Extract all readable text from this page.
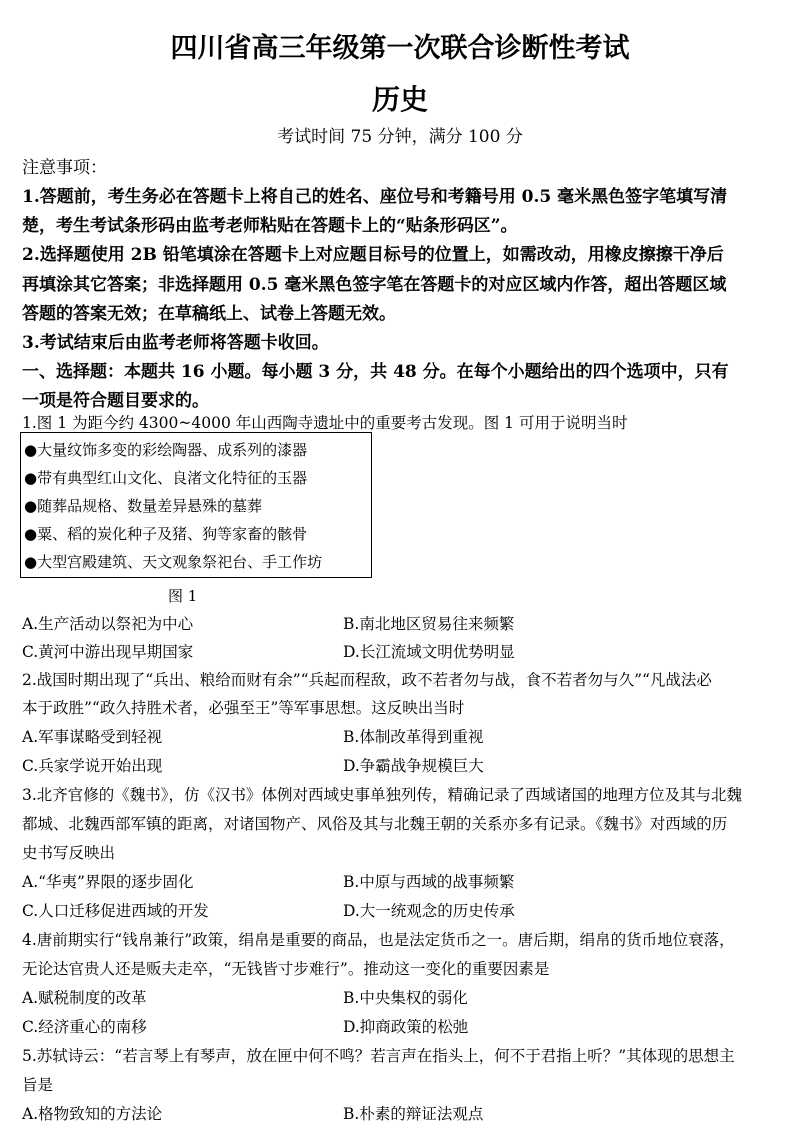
四川省高三年级第一次联合诊断性考试
历史
考试时间 75 分钟，满分 100 分
注意事项：
1.答题前，考生务必在答题卡上将自己的姓名、座位号和考籍号用 0.5 毫米黑色签字笔填写清
楚，考生考试条形码由监考老师粘贴在答题卡上的“贴条形码区”。
2.选择题使用 2B 铅笔填涂在答题卡上对应题目标号的位置上，如需改动，用橡皮擦擦干净后
再填涂其它答案；非选择题用 0.5 毫米黑色签字笔在答题卡的对应区域内作答，超出答题区域
答题的答案无效；在草稿纸上、试卷上答题无效。
3.考试结束后由监考老师将答题卡收回。
一、选择题：本题共 16 小题。每小题 3 分，共 48 分。在每个小题给出的四个选项中，只有
一项是符合题目要求的。
1.图 1 为距今约 4300~4000 年山西陶寺遗址中的重要考古发现。图 1 可用于说明当时
●大量纹饰多变的彩绘陶器、成系列的漆器
●带有典型红山文化、良渚文化特征的玉器
●随葬品规格、数量差异悬殊的墓葬
●粟、稻的炭化种子及猪、狗等家畜的骸骨
●大型宫殿建筑、天文观象祭祀台、手工作坊
图 1
A.生产活动以祭祀为中心	B.南北地区贸易往来频繁
C.黄河中游出现早期国家	D.长江流域文明优势明显
2.战国时期出现了“兵出、粮给而财有余”“兵起而程敌，政不若者勿与战，食不若者勿与久”“凡战法必
本于政胜”“政久持胜术者，必强至王”等军事思想。这反映出当时
A.军事谋略受到轻视	B.体制改革得到重视
C.兵家学说开始出现	D.争霸战争规模巨大
3.北齐官修的《魏书》，仿《汉书》体例对西域史事单独列传，精确记录了西域诸国的地理方位及其与北魏
都城、北魏西部军镇的距离，对诸国物产、风俗及其与北魏王朝的关系亦多有记录。《魏书》对西域的历
史书写反映出
A.“华夷”界限的逐步固化	B.中原与西域的战事频繁
C.人口迁移促进西域的开发	D.大一统观念的历史传承
4.唐前期实行“钱帛兼行”政策，绢帛是重要的商品，也是法定货币之一。唐后期，绢帛的货币地位衰落，
无论达官贵人还是贩夫走卒，“无钱皆寸步难行”。推动这一变化的重要因素是
A.赋税制度的改革	B.中央集权的弱化
C.经济重心的南移	D.抑商政策的松弛
5.苏轼诗云：“若言琴上有琴声，放在匣中何不鸣？若言声在指头上，何不于君指上听？”其体现的思想主
旨是
A.格物致知的方法论	B.朴素的辩证法观点
